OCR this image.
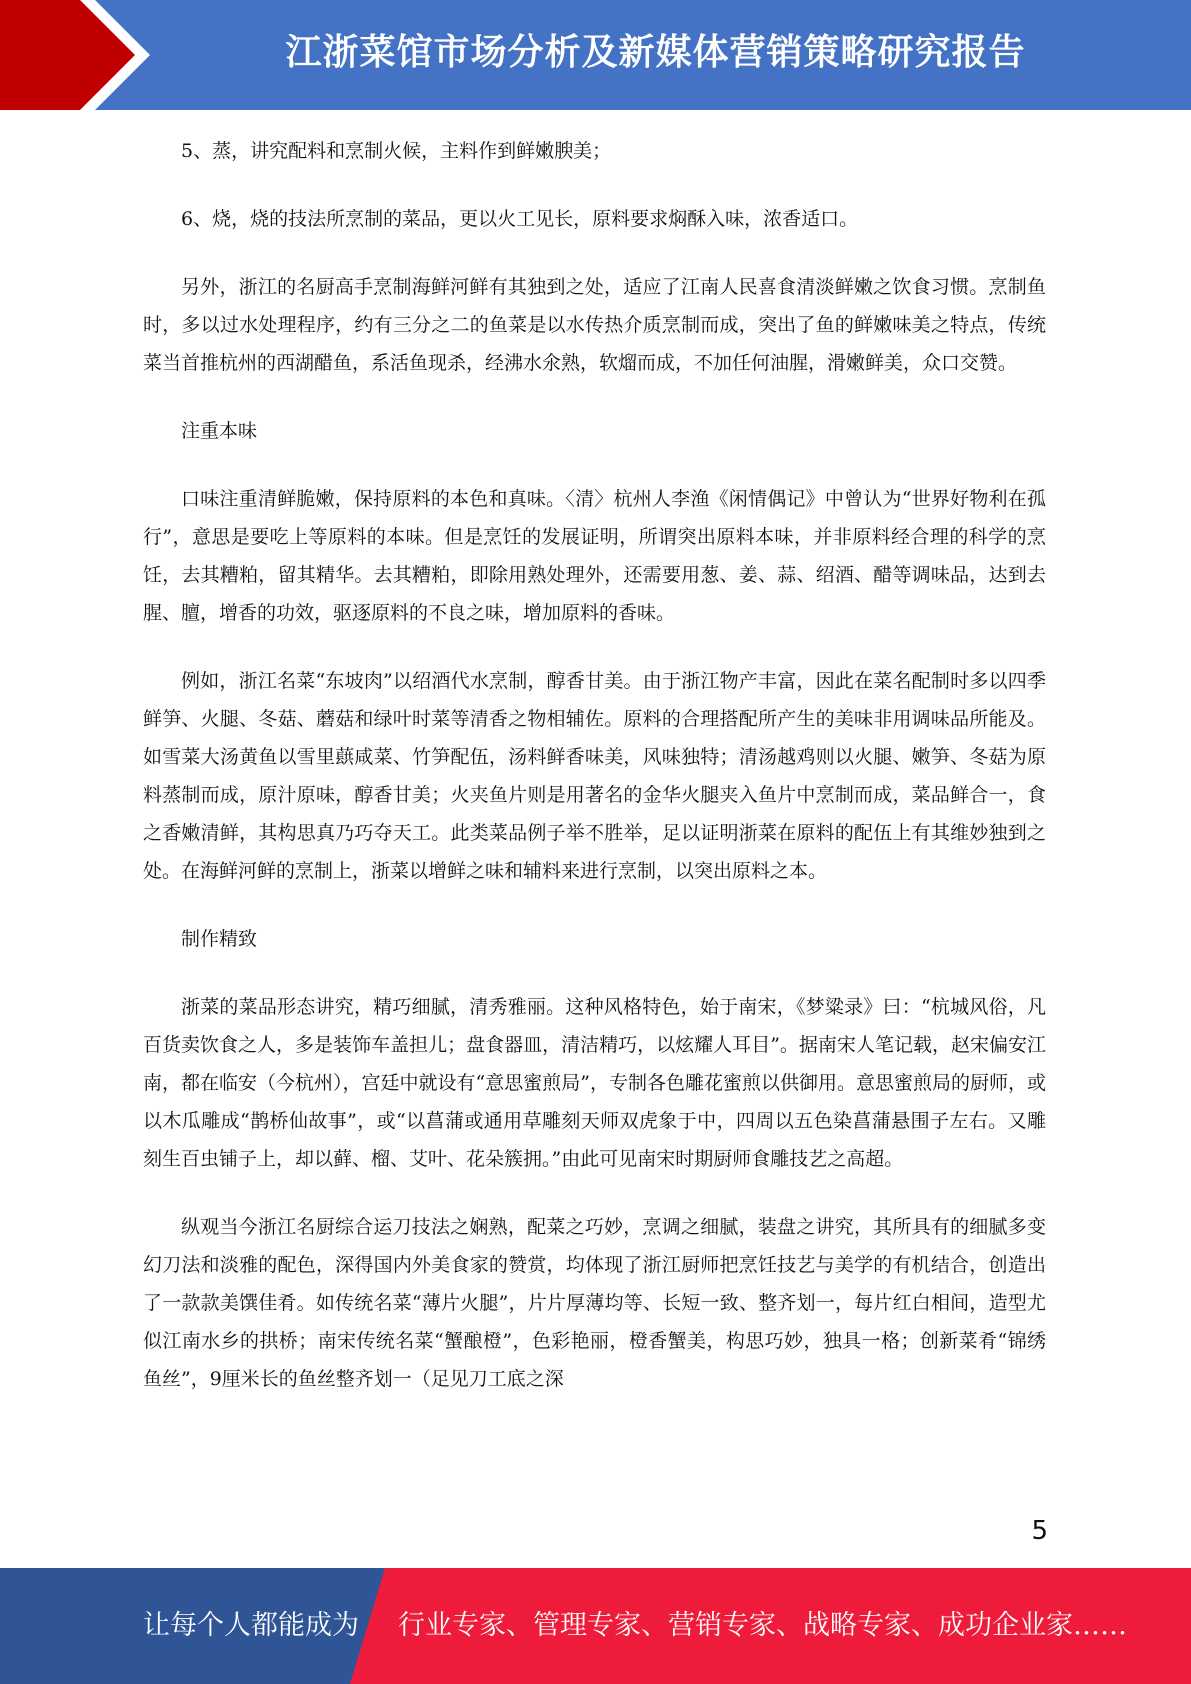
江浙菜馆市场分析及新媒体营销策略研究报告

5、蒸，讲究配料和烹制火候，主料作到鲜嫩腴美；

6、烧，烧的技法所烹制的菜品，更以火工见长，原料要求焖酥入味，浓香适口。

另外，浙江的名厨高手烹制海鲜河鲜有其独到之处，适应了江南人民喜食清淡鲜嫩之饮食习惯。烹制鱼时，多以过水处理程序，约有三分之二的鱼菜是以水传热介质烹制而成，突出了鱼的鲜嫩味美之特点，传统菜当首推杭州的西湖醋鱼，系活鱼现杀，经沸水氽熟，软熘而成，不加任何油腥，滑嫩鲜美，众口交赞。

注重本味

口味注重清鲜脆嫩，保持原料的本色和真味。〈清〉杭州人李渔《闲情偶记》中曾认为“世界好物利在孤行”，意思是要吃上等原料的本味。但是烹饪的发展证明，所谓突出原料本味，并非原料经合理的科学的烹饪，去其糟粕，留其精华。去其糟粕，即除用熟处理外，还需要用葱、姜、蒜、绍酒、醋等调味品，达到去腥、膻，增香的功效，驱逐原料的不良之味，增加原料的香味。

例如，浙江名菜“东坡肉”以绍酒代水烹制，醇香甘美。由于浙江物产丰富，因此在菜名配制时多以四季鲜笋、火腿、冬菇、蘑菇和绿叶时菜等清香之物相辅佐。原料的合理搭配所产生的美味非用调味品所能及。如雪菜大汤黄鱼以雪里蕻咸菜、竹笋配伍，汤料鲜香味美，风味独特；清汤越鸡则以火腿、嫩笋、冬菇为原料蒸制而成，原汁原味，醇香甘美；火夹鱼片则是用著名的金华火腿夹入鱼片中烹制而成，菜品鲜合一，食之香嫩清鲜，其构思真乃巧夺天工。此类菜品例子举不胜举，足以证明浙菜在原料的配伍上有其维妙独到之处。在海鲜河鲜的烹制上，浙菜以增鲜之味和辅料来进行烹制，以突出原料之本。

制作精致

浙菜的菜品形态讲究，精巧细腻，清秀雅丽。这种风格特色，始于南宋，《梦粱录》曰：“杭城风俗，凡百货卖饮食之人，多是装饰车盖担儿；盘食器皿，清洁精巧，以炫耀人耳目”。据南宋人笔记载，赵宋偏安江南，都在临安（今杭州），宫廷中就设有“意思蜜煎局”，专制各色雕花蜜煎以供御用。意思蜜煎局的厨师，或以木瓜雕成“鹊桥仙故事”，或“以菖蒲或通用草雕刻天师双虎象于中，四周以五色染菖蒲悬围子左右。又雕刻生百虫铺子上，却以藓、榴、艾叶、花朵簇拥。”由此可见南宋时期厨师食雕技艺之高超。

纵观当今浙江名厨综合运刀技法之娴熟，配菜之巧妙，烹调之细腻，装盘之讲究，其所具有的细腻多变幻刀法和淡雅的配色，深得国内外美食家的赞赏，均体现了浙江厨师把烹饪技艺与美学的有机结合，创造出了一款款美馔佳肴。如传统名菜“薄片火腿”，片片厚薄均等、长短一致、整齐划一，每片红白相间，造型尤似江南水乡的拱桥；南宋传统名菜“蟹酿橙”，色彩艳丽，橙香蟹美，构思巧妙，独具一格；创新菜肴“锦绣鱼丝”，9厘米长的鱼丝整齐划一（足见刀工底之深

5
让每个人都能成为 行业专家、管理专家、营销专家、战略专家、成功企业家……
